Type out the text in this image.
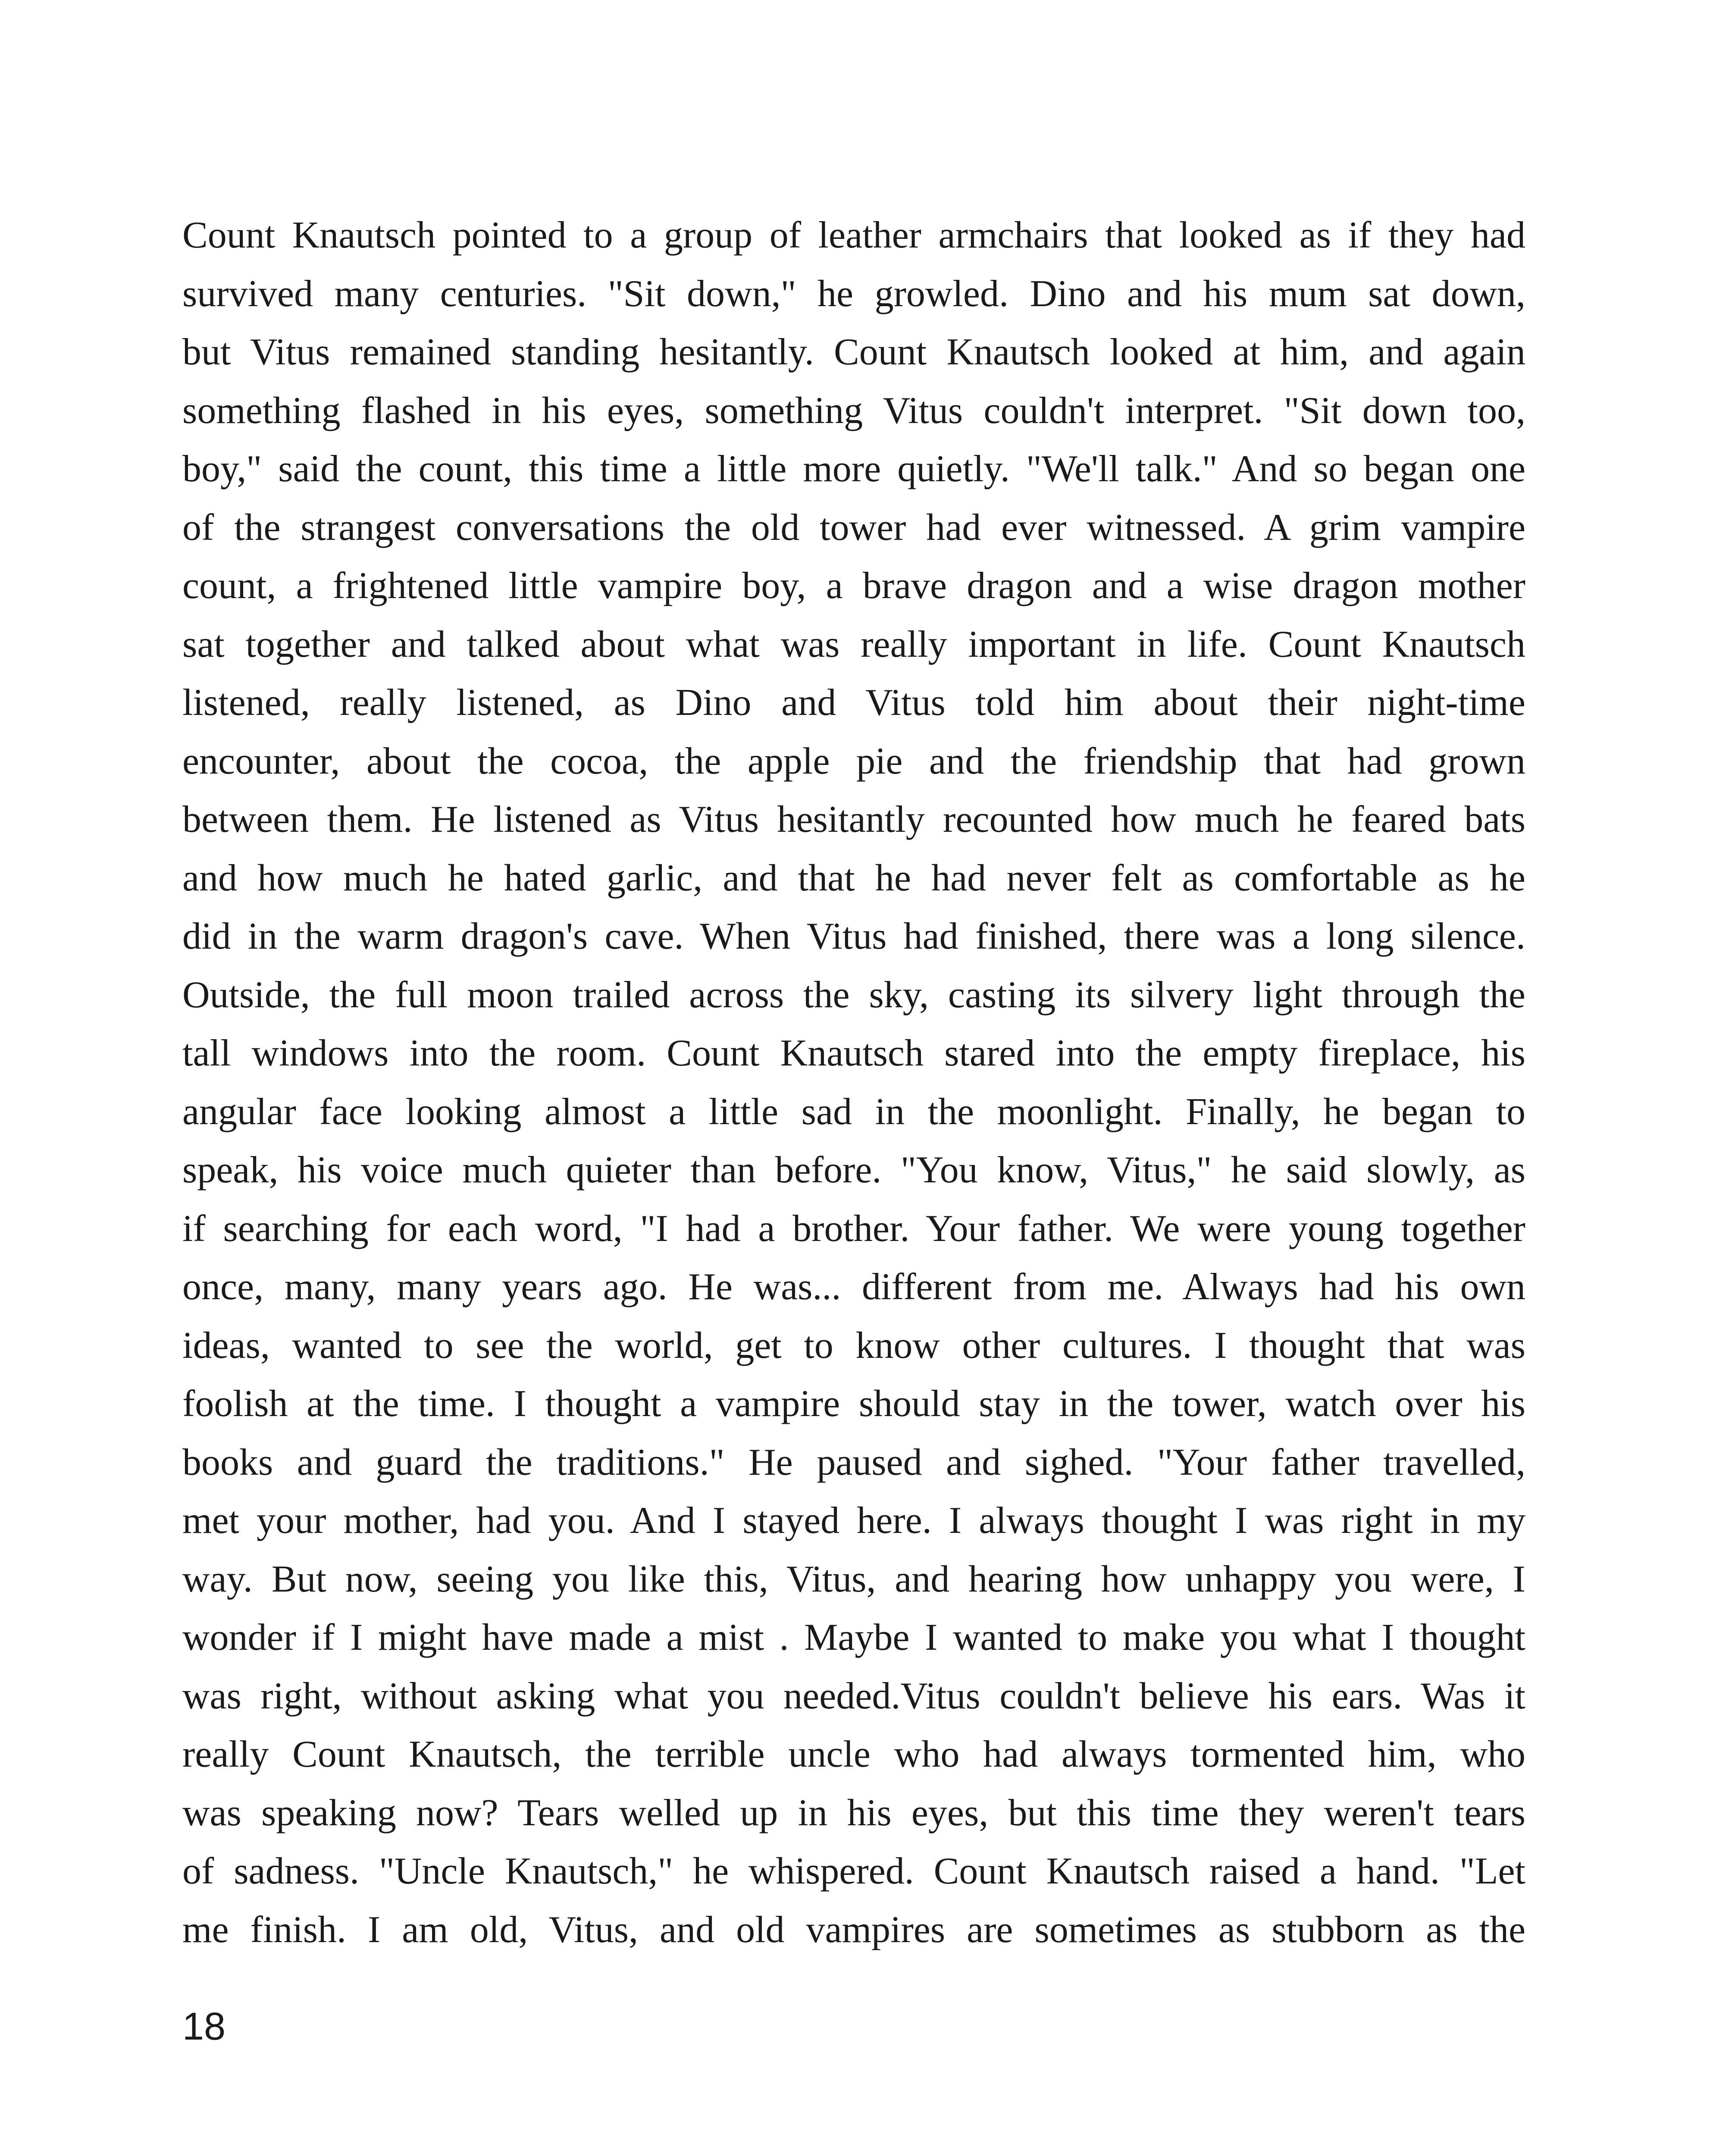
Count Knautsch pointed to a group of leather armchairs that looked as if they had
survived many centuries. "Sit down," he growled. Dino and his mum sat down,
but Vitus remained standing hesitantly. Count Knautsch looked at him, and again
something flashed in his eyes, something Vitus couldn't interpret. "Sit down too,
boy," said the count, this time a little more quietly. "We'll talk." And so began one
of the strangest conversations the old tower had ever witnessed. A grim vampire
count, a frightened little vampire boy, a brave dragon and a wise dragon mother
sat together and talked about what was really important in life. Count Knautsch
listened, really listened, as Dino and Vitus told him about their night-time
encounter, about the cocoa, the apple pie and the friendship that had grown
between them. He listened as Vitus hesitantly recounted how much he feared bats
and how much he hated garlic, and that he had never felt as comfortable as he
did in the warm dragon's cave. When Vitus had finished, there was a long silence.
Outside, the full moon trailed across the sky, casting its silvery light through the
tall windows into the room. Count Knautsch stared into the empty fireplace, his
angular face looking almost a little sad in the moonlight. Finally, he began to
speak, his voice much quieter than before. "You know, Vitus," he said slowly, as
if searching for each word, "I had a brother. Your father. We were young together
once, many, many years ago. He was... different from me. Always had his own
ideas, wanted to see the world, get to know other cultures. I thought that was
foolish at the time. I thought a vampire should stay in the tower, watch over his
books and guard the traditions." He paused and sighed. "Your father travelled,
met your mother, had you. And I stayed here. I always thought I was right in my
way. But now, seeing you like this, Vitus, and hearing how unhappy you were, I
wonder if I might have made a mist . Maybe I wanted to make you what I thought
was right, without asking what you needed.Vitus couldn't believe his ears. Was it
really Count Knautsch, the terrible uncle who had always tormented him, who
was speaking now? Tears welled up in his eyes, but this time they weren't tears
of sadness. "Uncle Knautsch," he whispered. Count Knautsch raised a hand. "Let
me finish. I am old, Vitus, and old vampires are sometimes as stubborn as the
18
